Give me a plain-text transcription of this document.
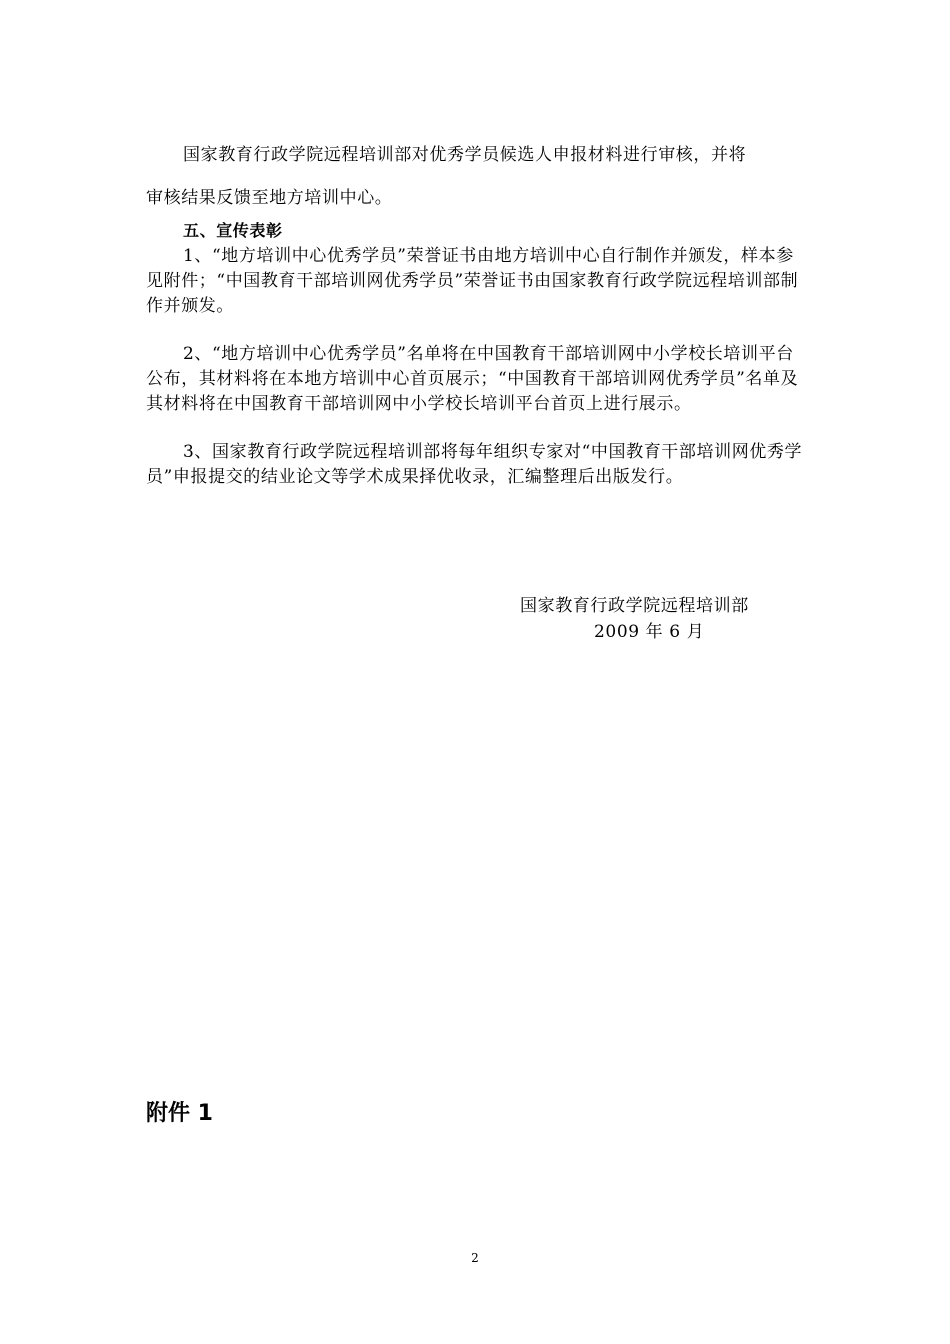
国家教育行政学院远程培训部对优秀学员候选人申报材料进行审核，并将
审核结果反馈至地方培训中心。
五、宣传表彰
1、“地方培训中心优秀学员”荣誉证书由地方培训中心自行制作并颁发，样本参见附件；“中国教育干部培训网优秀学员”荣誉证书由国家教育行政学院远程培训部制作并颁发。
2、“地方培训中心优秀学员”名单将在中国教育干部培训网中小学校长培训平台公布，其材料将在本地方培训中心首页展示；“中国教育干部培训网优秀学员”名单及其材料将在中国教育干部培训网中小学校长培训平台首页上进行展示。
3、国家教育行政学院远程培训部将每年组织专家对“中国教育干部培训网优秀学员”申报提交的结业论文等学术成果择优收录，汇编整理后出版发行。
国家教育行政学院远程培训部
2009 年 6 月
附件 1
2
